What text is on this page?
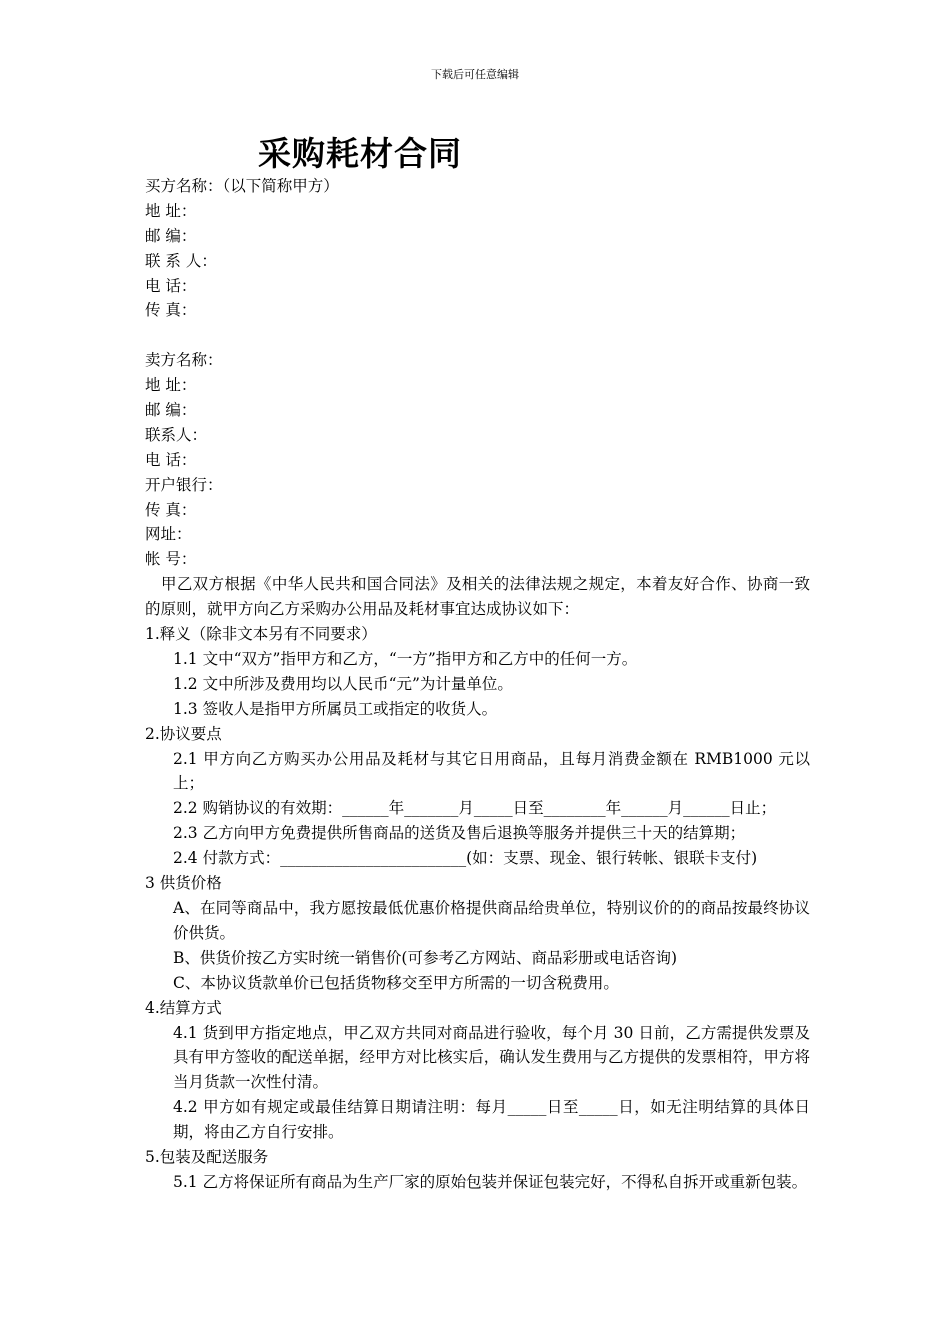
下载后可任意编辑
采购耗材合同
买方名称：（以下简称甲方）
地 址：
邮 编：
联 系 人：
电 话：
传 真：
卖方名称：
地 址：
邮 编：
联系人：
电 话：
开户银行：
传 真：
网址：
帐 号：
甲乙双方根据《中华人民共和国合同法》及相关的法律法规之规定，本着友好合作、协商一致的原则，就甲方向乙方采购办公用品及耗材事宜达成协议如下：
1.释义（除非文本另有不同要求）
1.1 文中“双方”指甲方和乙方，“一方”指甲方和乙方中的任何一方。
1.2 文中所涉及费用均以人民币“元”为计量单位。
1.3 签收人是指甲方所属员工或指定的收货人。
2.协议要点
2.1 甲方向乙方购买办公用品及耗材与其它日用商品，且每月消费金额在 RMB1000 元以上；
2.2 购销协议的有效期：______年_______月_____日至________年______月______日止；
2.3 乙方向甲方免费提供所售商品的送货及售后退换等服务并提供三十天的结算期；
2.4 付款方式：________________________(如：支票、现金、银行转帐、银联卡支付)
3 供货价格
A、在同等商品中，我方愿按最低优惠价格提供商品给贵单位，特别议价的的商品按最终协议价供货。
B、供货价按乙方实时统一销售价(可参考乙方网站、商品彩册或电话咨询)
C、本协议货款单价已包括货物移交至甲方所需的一切含税费用。
4.结算方式
4.1 货到甲方指定地点，甲乙双方共同对商品进行验收，每个月 30 日前，乙方需提供发票及具有甲方签收的配送单据，经甲方对比核实后，确认发生费用与乙方提供的发票相符，甲方将当月货款一次性付清。
4.2 甲方如有规定或最佳结算日期请注明：每月_____日至_____日，如无注明结算的具体日期，将由乙方自行安排。
5.包装及配送服务
5.1 乙方将保证所有商品为生产厂家的原始包装并保证包装完好，不得私自拆开或重新包装。
